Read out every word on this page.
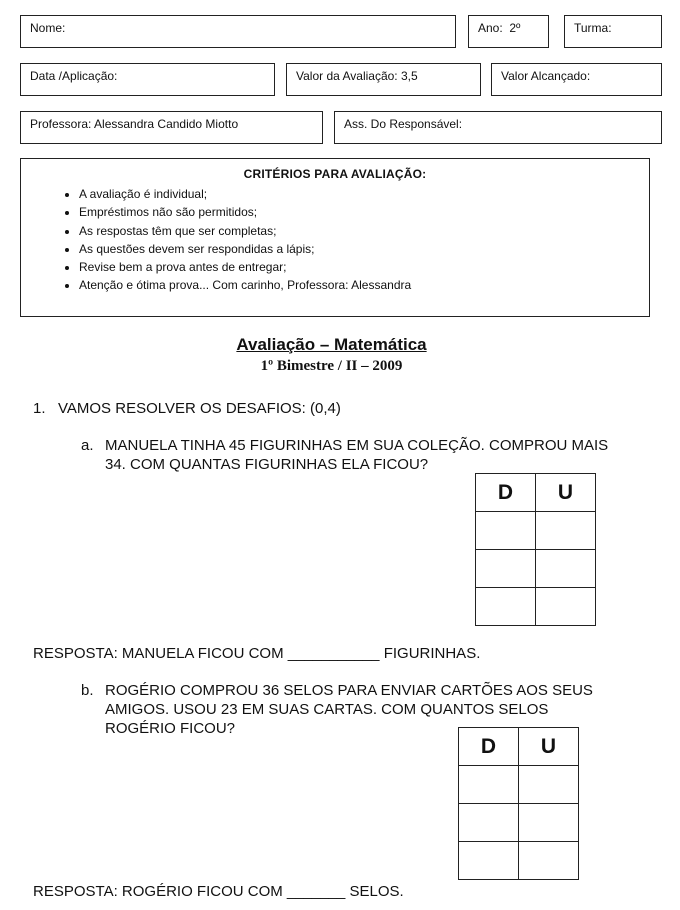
Nome:	Ano: 2º	Turma:
Data /Aplicação:	Valor da Avaliação: 3,5	Valor Alcançado:
Professora: Alessandra Candido Miotto	Ass. Do Responsável:
CRITÉRIOS PARA AVALIAÇÃO:
• A avaliação é individual;
• Empréstimos não são permitidos;
• As respostas têm que ser completas;
• As questões devem ser respondidas a lápis;
• Revise bem a prova antes de entregar;
• Atenção e ótima prova... Com carinho, Professora: Alessandra
Avaliação – Matemática
1º Bimestre / II – 2009
1. VAMOS RESOLVER OS DESAFIOS: (0,4)
a. MANUELA TINHA 45 FIGURINHAS EM SUA COLEÇÃO. COMPROU MAIS
34. COM QUANTAS FIGURINHAS ELA FICOU?
D	U

RESPOSTA: MANUELA FICOU COM ___________ FIGURINHAS.
b. ROGÉRIO COMPROU 36 SELOS PARA ENVIAR CARTÕES AOS SEUS
AMIGOS. USOU 23 EM SUAS CARTAS. COM QUANTOS SELOS
ROGÉRIO FICOU?
D	U

RESPOSTA: ROGÉRIO FICOU COM _______ SELOS.
